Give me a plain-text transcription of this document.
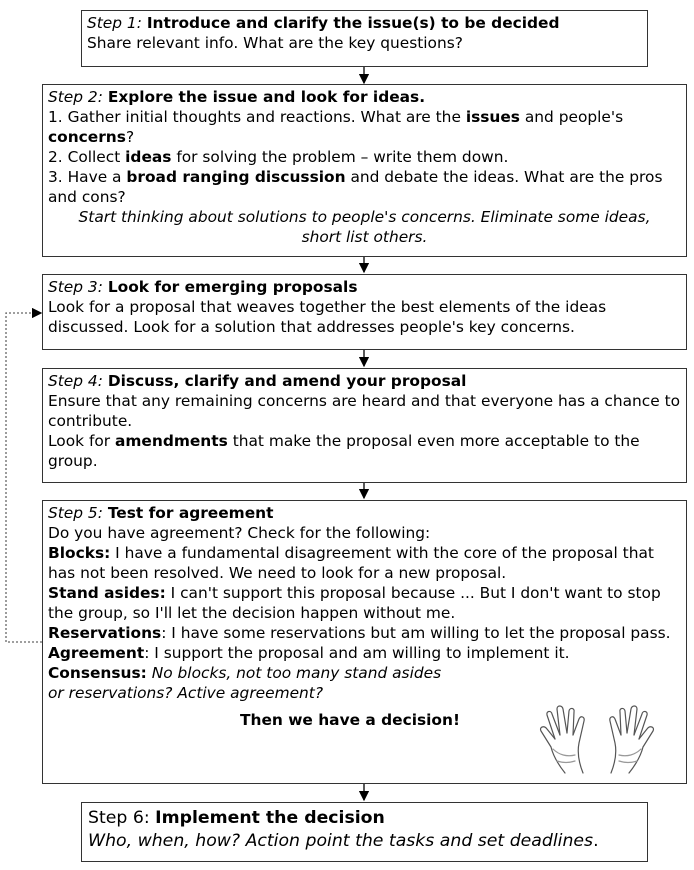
Step 1: Introduce and clarify the issue(s) to be decided

Share relevant info. What are the key questions?

Step 2: Explore the issue and look for ideas.

1. Gather initial thoughts and reactions. What are the issues and people's concerns?

2. Collect ideas for solving the problem – write them down.

3. Have a broad ranging discussion and debate the ideas. What are the pros and cons?

Start thinking about solutions to people's concerns. Eliminate some ideas, short list others.

Step 3: Look for emerging proposals

Look for a proposal that weaves together the best elements of the ideas discussed. Look for a solution that addresses people's key concerns.

Step 4: Discuss, clarify and amend your proposal

Ensure that any remaining concerns are heard and that everyone has a chance to contribute.

Look for amendments that make the proposal even more acceptable to the group.

Step 5: Test for agreement

Do you have agreement? Check for the following:

Blocks: I have a fundamental disagreement with the core of the proposal that has not been resolved. We need to look for a new proposal.

Stand asides: I can't support this proposal because ... But I don't want to stop the group, so I'll let the decision happen without me.

Reservations: I have some reservations but am willing to let the proposal pass.

Agreement: I support the proposal and am willing to implement it.

Consensus: No blocks, not too many stand asides or reservations? Active agreement?

Then we have a decision!

Step 6: Implement the decision

Who, when, how? Action point the tasks and set deadlines.
